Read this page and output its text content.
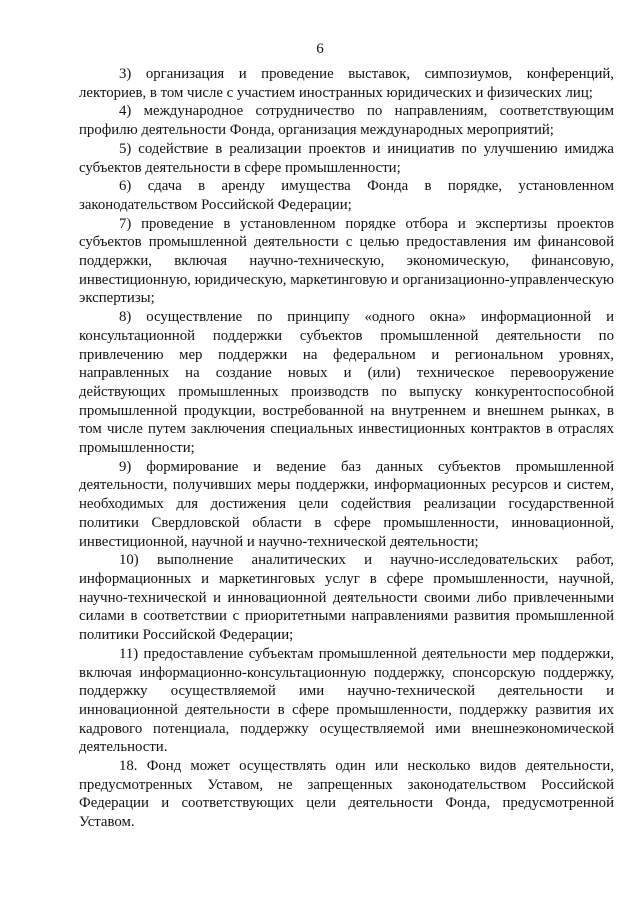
6

3) организация и проведение выставок, симпозиумов, конференций, лекториев, в том числе с участием иностранных юридических и физических лиц;

4) международное сотрудничество по направлениям, соответствующим профилю деятельности Фонда, организация международных мероприятий;

5) содействие в реализации проектов и инициатив по улучшению имиджа субъектов деятельности в сфере промышленности;

6) сдача в аренду имущества Фонда в порядке, установленном законодательством Российской Федерации;

7) проведение в установленном порядке отбора и экспертизы проектов субъектов промышленной деятельности с целью предоставления им финансовой поддержки, включая научно-техническую, экономическую, финансовую, инвестиционную, юридическую, маркетинговую и организационно-управленческую экспертизы;

8) осуществление по принципу «одного окна» информационной и консультационной поддержки субъектов промышленной деятельности по привлечению мер поддержки на федеральном и региональном уровнях, направленных на создание новых и (или) техническое перевооружение действующих промышленных производств по выпуску конкурентоспособной промышленной продукции, востребованной на внутреннем и внешнем рынках, в том числе путем заключения специальных инвестиционных контрактов в отраслях промышленности;

9) формирование и ведение баз данных субъектов промышленной деятельности, получивших меры поддержки, информационных ресурсов и систем, необходимых для достижения цели содействия реализации государственной политики Свердловской области в сфере промышленности, инновационной, инвестиционной, научной и научно-технической деятельности;

10) выполнение аналитических и научно-исследовательских работ, информационных и маркетинговых услуг в сфере промышленности, научной, научно-технической и инновационной деятельности своими либо привлеченными силами в соответствии с приоритетными направлениями развития промышленной политики Российской Федерации;

11) предоставление субъектам промышленной деятельности мер поддержки, включая информационно-консультационную поддержку, спонсорскую поддержку, поддержку осуществляемой ими научно-технической деятельности и инновационной деятельности в сфере промышленности, поддержку развития их кадрового потенциала, поддержку осуществляемой ими внешнеэкономической деятельности.

18. Фонд может осуществлять один или несколько видов деятельности, предусмотренных Уставом, не запрещенных законодательством Российской Федерации и соответствующих цели деятельности Фонда, предусмотренной Уставом.
